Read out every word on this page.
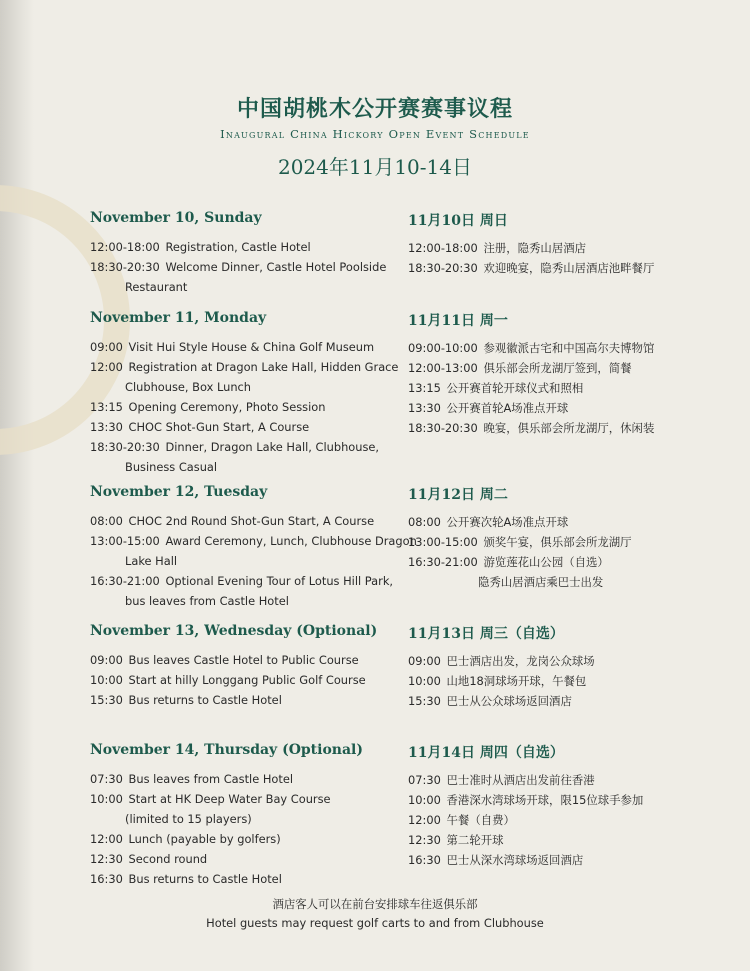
中国胡桃木公开赛赛事议程
Inaugural China Hickory Open Event Schedule
2024年11月10-14日
November 10, Sunday
12:00-18:00  Registration, Castle Hotel
18:30-20:30  Welcome Dinner, Castle Hotel Poolside
Restaurant
November 11, Monday
09:00  Visit Hui Style House & China Golf Museum
12:00  Registration at Dragon Lake Hall, Hidden Grace
Clubhouse, Box Lunch
13:15  Opening Ceremony, Photo Session
13:30  CHOC Shot-Gun Start, A Course
18:30-20:30  Dinner, Dragon Lake Hall, Clubhouse,
Business Casual
November 12, Tuesday
08:00  CHOC 2nd Round Shot-Gun Start, A Course
13:00-15:00  Award Ceremony, Lunch, Clubhouse Dragon
Lake Hall
16:30-21:00  Optional Evening Tour of Lotus Hill Park,
bus leaves from Castle Hotel
November 13, Wednesday (Optional)
09:00  Bus leaves Castle Hotel to Public Course
10:00  Start at hilly Longgang Public Golf Course
15:30  Bus returns to Castle Hotel
November 14, Thursday (Optional)
07:30  Bus leaves from Castle Hotel
10:00  Start at HK Deep Water Bay Course
(limited to 15 players)
12:00  Lunch (payable by golfers)
12:30  Second round
16:30  Bus returns to Castle Hotel
11月10日 周日
12:00-18:00  注册，隐秀山居酒店
18:30-20:30  欢迎晚宴，隐秀山居酒店池畔餐厅
11月11日 周一
09:00-10:00  参观徽派古宅和中国高尔夫博物馆
12:00-13:00  俱乐部会所龙湖厅签到，简餐
13:15  公开赛首轮开球仪式和照相
13:30  公开赛首轮A场准点开球
18:30-20:30  晚宴，俱乐部会所龙湖厅，休闲装
11月12日 周二
08:00  公开赛次轮A场准点开球
13:00-15:00  颁奖午宴，俱乐部会所龙湖厅
16:30-21:00  游览莲花山公园（自选）
隐秀山居酒店乘巴士出发
11月13日 周三（自选）
09:00  巴士酒店出发，龙岗公众球场
10:00  山地18洞球场开球，午餐包
15:30  巴士从公众球场返回酒店
11月14日 周四（自选）
07:30  巴士准时从酒店出发前往香港
10:00  香港深水湾球场开球，限15位球手参加
12:00  午餐（自费）
12:30  第二轮开球
16:30  巴士从深水湾球场返回酒店
酒店客人可以在前台安排球车往返俱乐部
Hotel guests may request golf carts to and from Clubhouse
